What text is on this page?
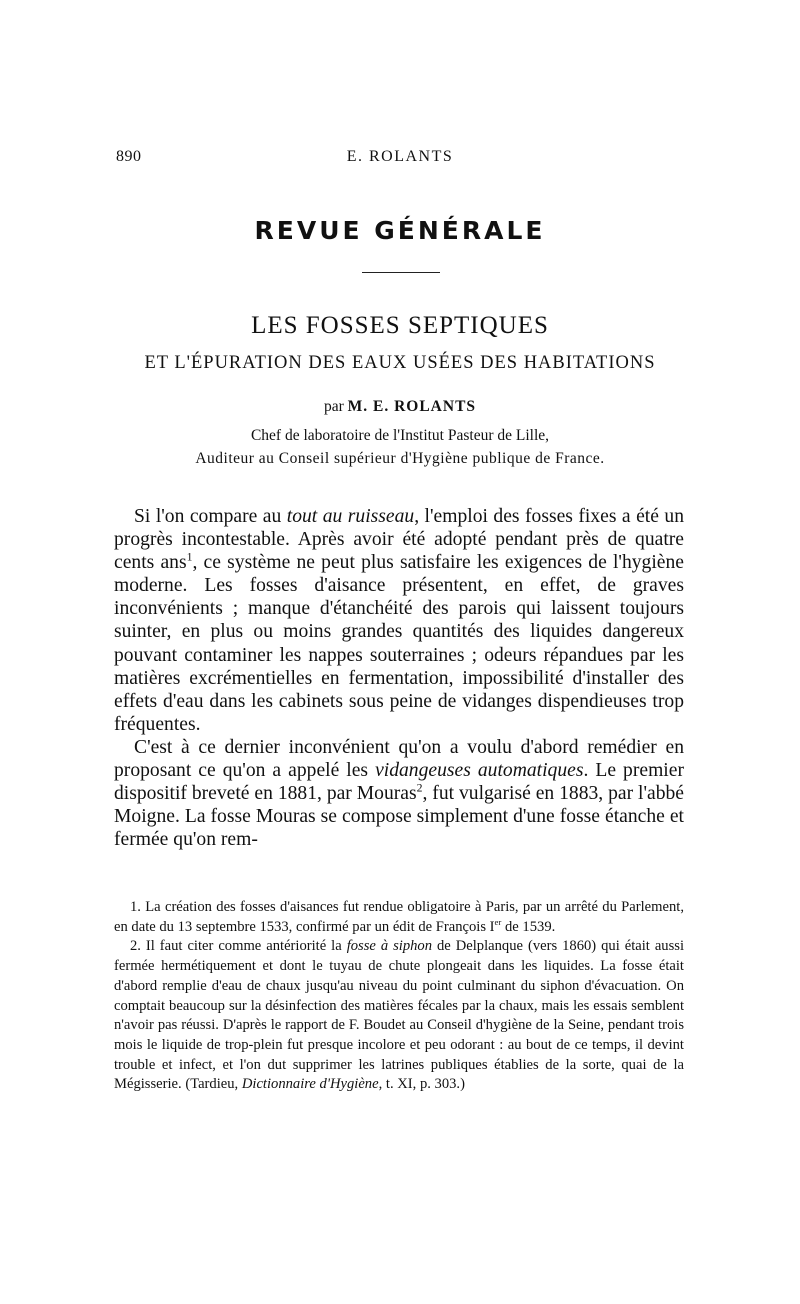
890	E. ROLANTS
REVUE GÉNÉRALE
LES FOSSES SEPTIQUES
ET L'ÉPURATION DES EAUX USÉES DES HABITATIONS
par M. E. ROLANTS
Chef de laboratoire de l'Institut Pasteur de Lille,
Auditeur au Conseil supérieur d'Hygiène publique de France.

Si l'on compare au tout au ruisseau, l'emploi des fosses fixes a été un progrès incontestable. Après avoir été adopté pendant près de quatre cents ans$^1$, ce système ne peut plus satisfaire les exigences de l'hygiène moderne. Les fosses d'aisance présentent, en effet, de graves inconvénients ; manque d'étanchéité des parois qui laissent toujours suinter, en plus ou moins grandes quantités des liquides dangereux pouvant contaminer les nappes souterraines ; odeurs répandues par les matières excrémentielles en fermentation, impossibilité d'installer des effets d'eau dans les cabinets sous peine de vidanges dispendieuses trop fréquentes.

C'est à ce dernier inconvénient qu'on a voulu d'abord remédier en proposant ce qu'on a appelé les vidangeuses automatiques. Le premier dispositif breveté en 1881, par Mouras$^2$, fut vulgarisé en 1883, par l'abbé Moigne. La fosse Mouras se compose simplement d'une fosse étanche et fermée qu'on rem-

1. La création des fosses d'aisances fut rendue obligatoire à Paris, par un arrêté du Parlement, en date du 13 septembre 1533, confirmé par un édit de François Ier de 1539.

2. Il faut citer comme antériorité la fosse à siphon de Delplanque (vers 1860) qui était aussi fermée hermétiquement et dont le tuyau de chute plongeait dans les liquides. La fosse était d'abord remplie d'eau de chaux jusqu'au niveau du point culminant du siphon d'évacuation. On comptait beaucoup sur la désinfection des matières fécales par la chaux, mais les essais semblent n'avoir pas réussi. D'après le rapport de F. Boudet au Conseil d'hygiène de la Seine, pendant trois mois le liquide de trop-plein fut presque incolore et peu odorant : au bout de ce temps, il devint trouble et infect, et l'on dut supprimer les latrines publiques établies de la sorte, quai de la Mégisserie. (Tardieu, Dictionnaire d'Hygiène, t. XI, p. 303.)
